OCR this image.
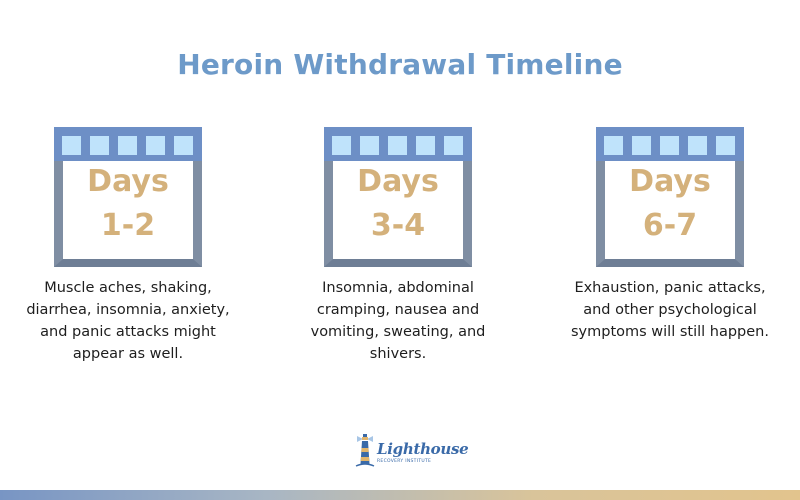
Heroin Withdrawal Timeline
Days
1-2
Muscle aches, shaking, diarrhea, insomnia, anxiety, and panic attacks might appear as well.
Days
3-4
Insomnia, abdominal cramping, nausea and vomiting, sweating, and shivers.
Days
6-7
Exhaustion, panic attacks, and other psychological symptoms will still happen.
Lighthouse
RECOVERY INSTITUTE
